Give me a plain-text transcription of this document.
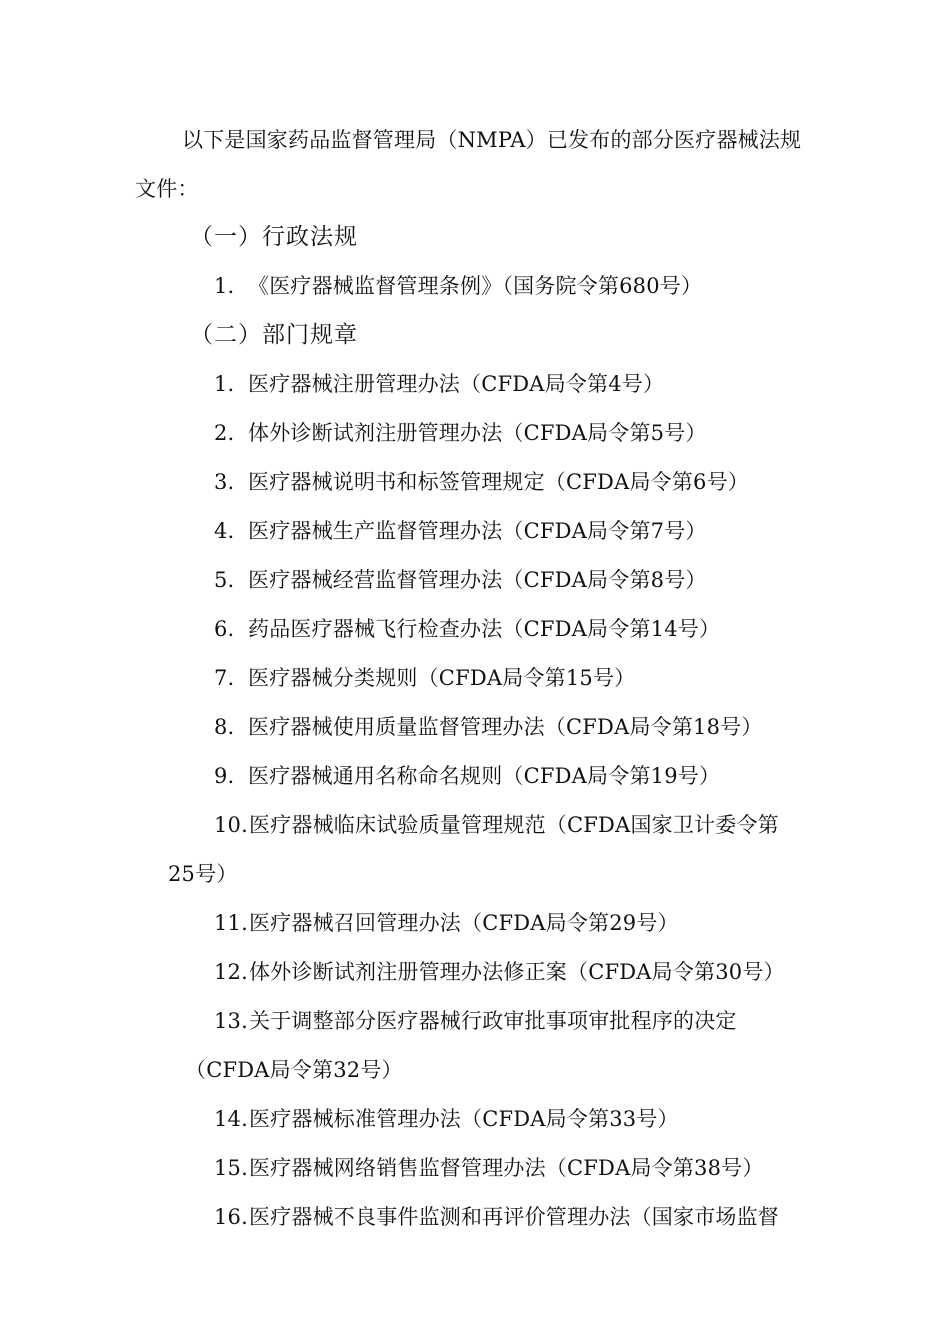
以下是国家药品监督管理局（NMPA）已发布的部分医疗器械法规

文件：

（一）行政法规

1. 《医疗器械监督管理条例》（国务院令第680号）

（二）部门规章

1. 医疗器械注册管理办法（CFDA局令第4号）

2. 体外诊断试剂注册管理办法（CFDA局令第5号）

3. 医疗器械说明书和标签管理规定（CFDA局令第6号）

4. 医疗器械生产监督管理办法（CFDA局令第7号）

5. 医疗器械经营监督管理办法（CFDA局令第8号）

6. 药品医疗器械飞行检查办法（CFDA局令第14号）

7. 医疗器械分类规则（CFDA局令第15号）

8. 医疗器械使用质量监督管理办法（CFDA局令第18号）

9. 医疗器械通用名称命名规则（CFDA局令第19号）

10.医疗器械临床试验质量管理规范（CFDA国家卫计委令第

25号）

11.医疗器械召回管理办法（CFDA局令第29号）

12.体外诊断试剂注册管理办法修正案（CFDA局令第30号）

13.关于调整部分医疗器械行政审批事项审批程序的决定

（CFDA局令第32号）

14.医疗器械标准管理办法（CFDA局令第33号）

15.医疗器械网络销售监督管理办法（CFDA局令第38号）

16.医疗器械不良事件监测和再评价管理办法（国家市场监督
